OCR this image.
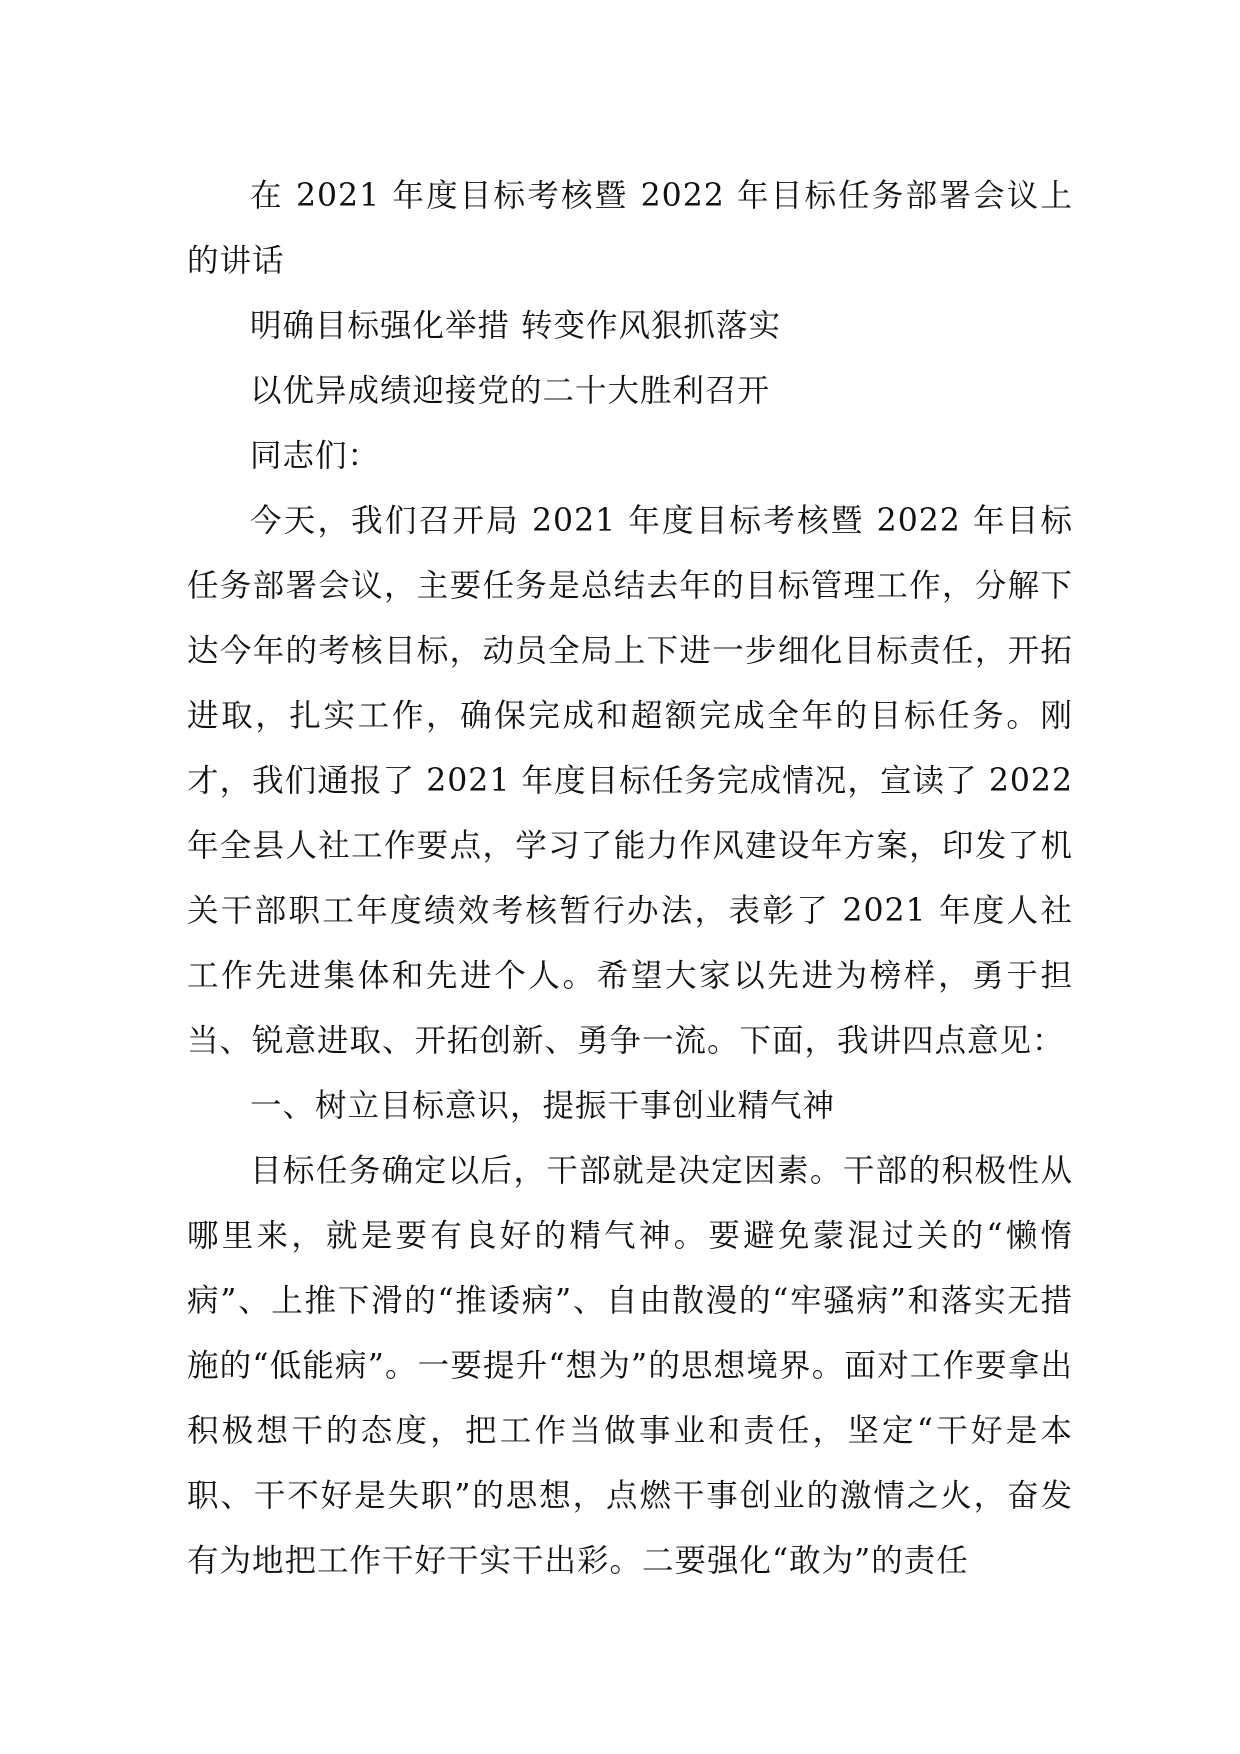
在 2021 年度目标考核暨 2022 年目标任务部署会议上的讲话

明确目标强化举措 转变作风狠抓落实

以优异成绩迎接党的二十大胜利召开

同志们：

今天，我们召开局 2021 年度目标考核暨 2022 年目标任务部署会议，主要任务是总结去年的目标管理工作，分解下达今年的考核目标，动员全局上下进一步细化目标责任，开拓进取，扎实工作，确保完成和超额完成全年的目标任务。刚才，我们通报了 2021 年度目标任务完成情况，宣读了 2022 年全县人社工作要点，学习了能力作风建设年方案，印发了机关干部职工年度绩效考核暂行办法，表彰了 2021 年度人社工作先进集体和先进个人。希望大家以先进为榜样，勇于担当、锐意进取、开拓创新、勇争一流。下面，我讲四点意见：

一、树立目标意识，提振干事创业精气神

目标任务确定以后，干部就是决定因素。干部的积极性从哪里来，就是要有良好的精气神。要避免蒙混过关的“懒惰病”、上推下滑的“推诿病”、自由散漫的“牢骚病”和落实无措施的“低能病”。一要提升“想为”的思想境界。面对工作要拿出积极想干的态度，把工作当做事业和责任，坚定“干好是本职、干不好是失职”的思想，点燃干事创业的激情之火，奋发有为地把工作干好干实干出彩。二要强化“敢为”的责任
